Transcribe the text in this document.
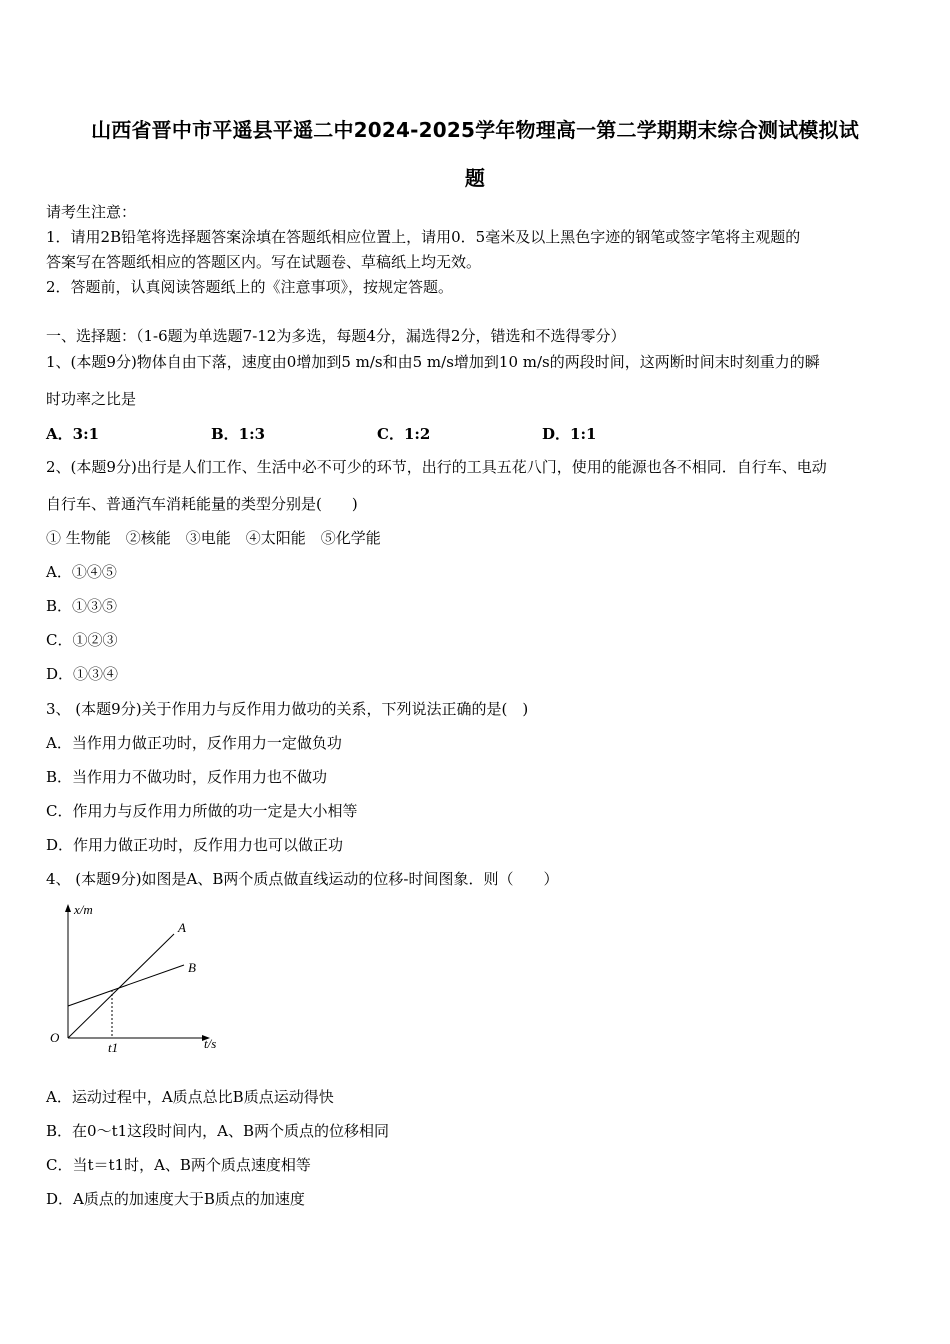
山西省晋中市平遥县平遥二中2024-2025学年物理高一第二学期期末综合测试模拟试
题
请考生注意：
1．请用2B铅笔将选择题答案涂填在答题纸相应位置上，请用0．5毫米及以上黑色字迹的钢笔或签字笔将主观题的
答案写在答题纸相应的答题区内。写在试题卷、草稿纸上均无效。
2．答题前，认真阅读答题纸上的《注意事项》，按规定答题。
一、选择题：（1-6题为单选题7-12为多选，每题4分，漏选得2分，错选和不选得零分）
1、(本题9分)物体自由下落，速度由0增加到5 m/s和由5 m/s增加到10 m/s的两段时间，这两断时间末时刻重力的瞬
时功率之比是
A．3:1	B．1:3	C．1:2	D．1:1
2、(本题9分)出行是人们工作、生活中必不可少的环节，出行的工具五花八门，使用的能源也各不相同．自行车、电动
自行车、普通汽车消耗能量的类型分别是(　　)
① 生物能　②核能　③电能　④太阳能　⑤化学能
A．①④⑤
B．①③⑤
C．①②③
D．①③④
3、 (本题9分)关于作用力与反作用力做功的关系，下列说法正确的是(　)
A．当作用力做正功时，反作用力一定做负功
B．当作用力不做功时，反作用力也不做功
C．作用力与反作用力所做的功一定是大小相等
D．作用力做正功时，反作用力也可以做正功
4、 (本题9分)如图是A、B两个质点做直线运动的位移-时间图象．则（　　）
x/m
t/s
O
t1
A
B
A．运动过程中，A质点总比B质点运动得快
B．在0～t1这段时间内，A、B两个质点的位移相同
C．当t＝t1时，A、B两个质点速度相等
D．A质点的加速度大于B质点的加速度
